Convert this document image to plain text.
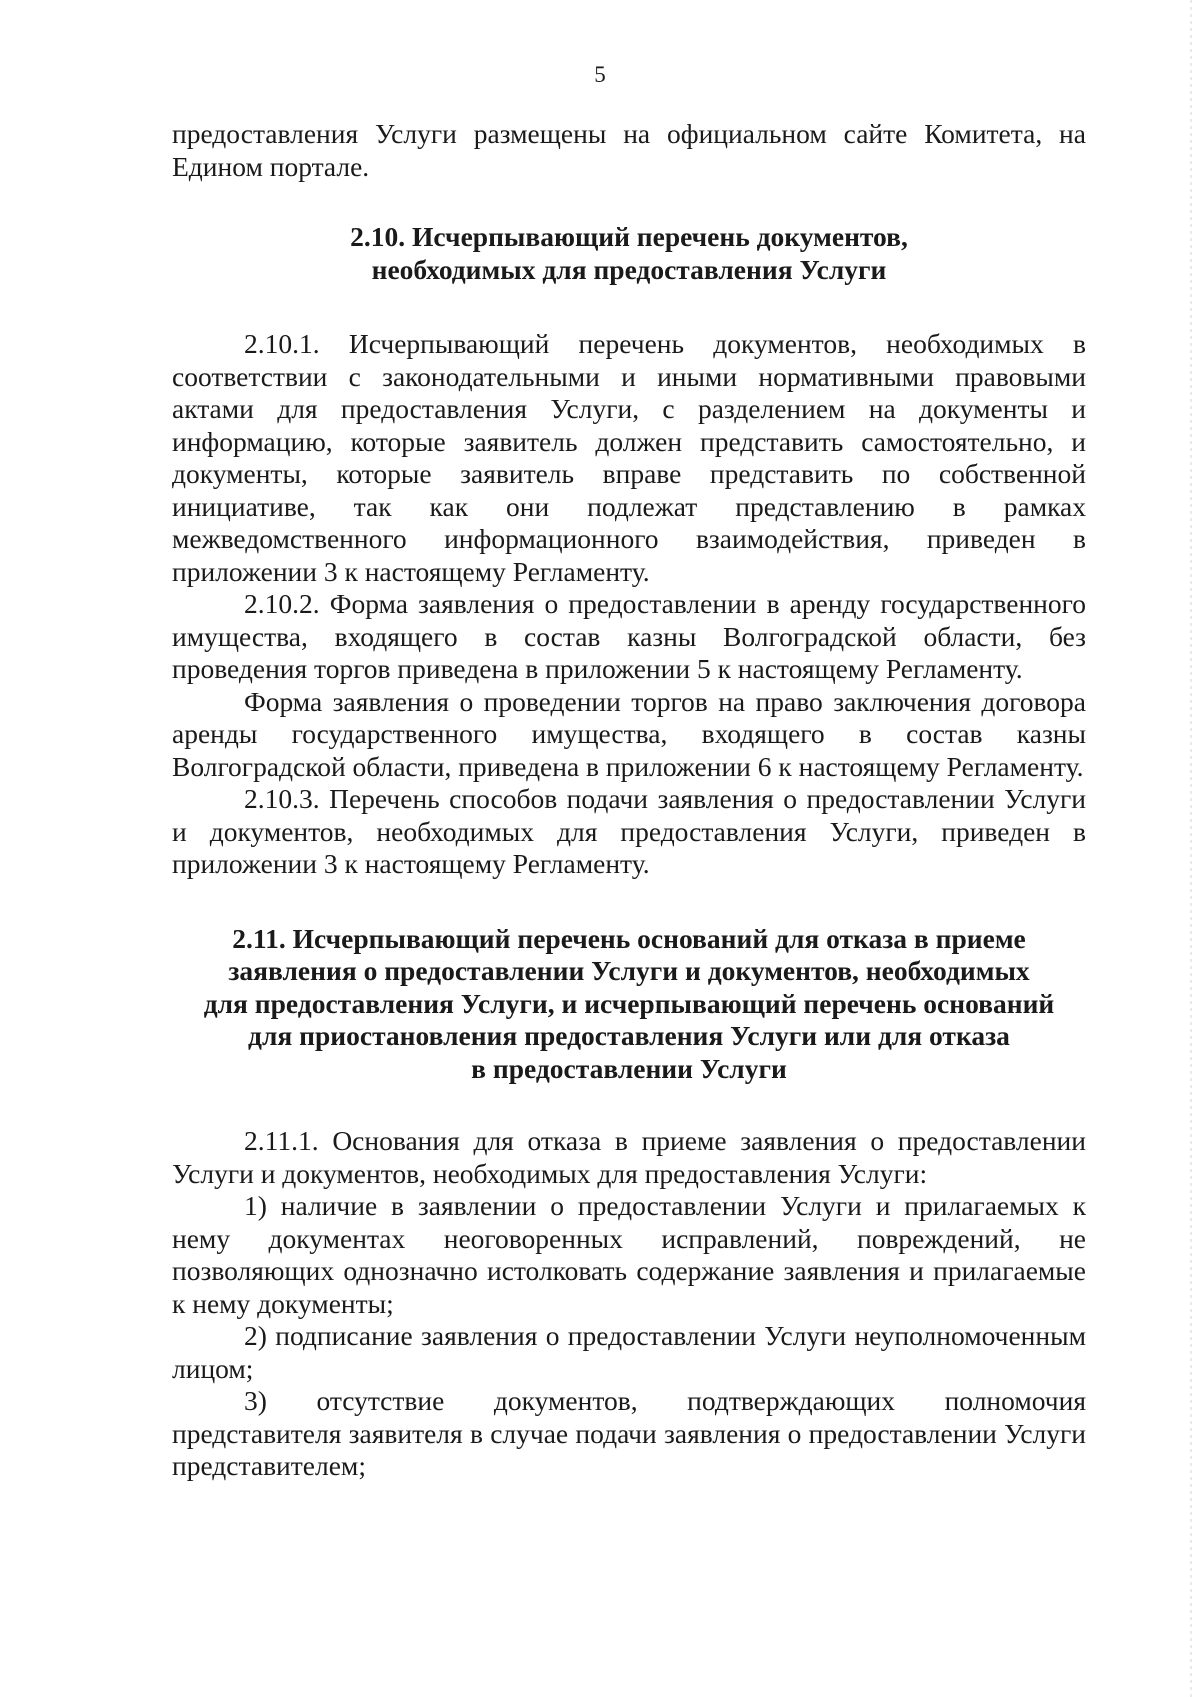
5

предоставления Услуги размещены на официальном сайте Комитета, на Едином портале.

2.10. Исчерпывающий перечень документов,
необходимых для предоставления Услуги

2.10.1. Исчерпывающий перечень документов, необходимых в соответствии с законодательными и иными нормативными правовыми актами для предоставления Услуги, с разделением на документы и информацию, которые заявитель должен представить самостоятельно, и документы, которые заявитель вправе представить по собственной инициативе, так как они подлежат представлению в рамках межведомственного информационного взаимодействия, приведен в приложении 3 к настоящему Регламенту.

2.10.2. Форма заявления о предоставлении в аренду государственного имущества, входящего в состав казны Волгоградской области, без проведения торгов приведена в приложении 5 к настоящему Регламенту.

Форма заявления о проведении торгов на право заключения договора аренды государственного имущества, входящего в состав казны Волгоградской области, приведена в приложении 6 к настоящему Регламенту.

2.10.3. Перечень способов подачи заявления о предоставлении Услуги и документов, необходимых для предоставления Услуги, приведен в приложении 3 к настоящему Регламенту.

2.11. Исчерпывающий перечень оснований для отказа в приеме
заявления о предоставлении Услуги и документов, необходимых
для предоставления Услуги, и исчерпывающий перечень оснований
для приостановления предоставления Услуги или для отказа
в предоставлении Услуги

2.11.1. Основания для отказа в приеме заявления о предоставлении Услуги и документов, необходимых для предоставления Услуги:

1) наличие в заявлении о предоставлении Услуги и прилагаемых к нему документах неоговоренных исправлений, повреждений, не позволяющих однозначно истолковать содержание заявления и прилагаемые к нему документы;

2) подписание заявления о предоставлении Услуги неуполномоченным лицом;

3) отсутствие документов, подтверждающих полномочия представителя заявителя в случае подачи заявления о предоставлении Услуги представителем;
